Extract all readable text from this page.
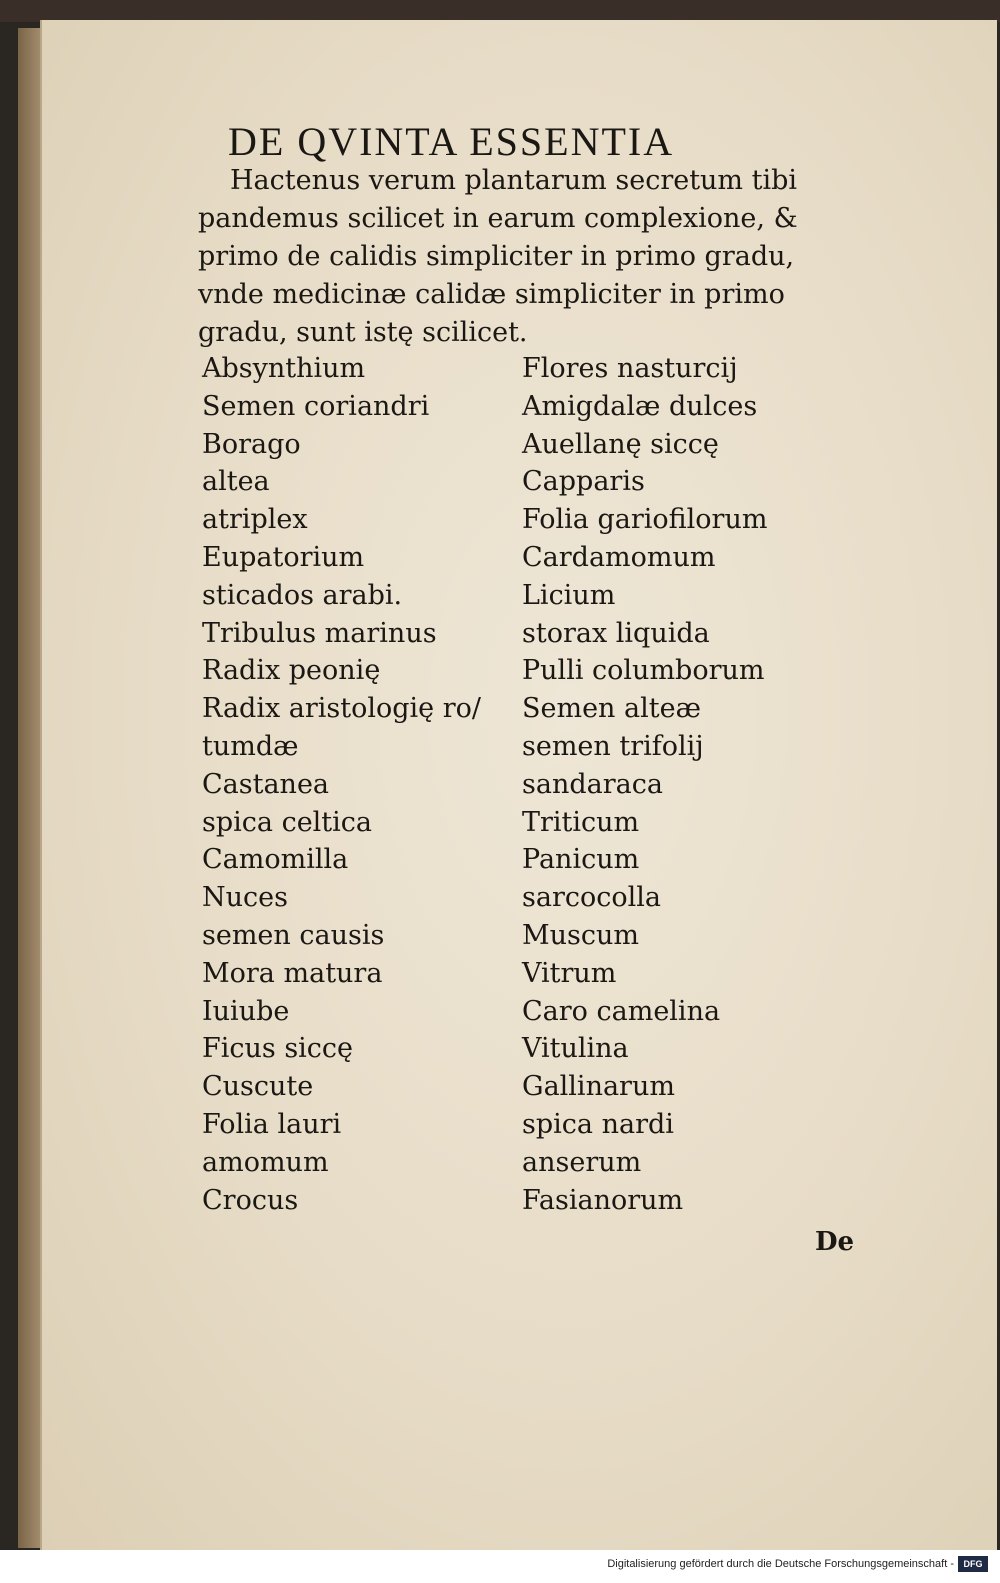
DE QVINTA ESSENTIA

Hactenus verum plantarum secretum tibi

pandemus scilicet in earum complexione, &

primo de calidis simpliciter in primo gradu,

vnde medicinæ calidæ simpliciter in primo

gradu, sunt istę scilicet.

Absynthium
Semen coriandri
Borago
altea
atriplex
Eupatorium
sticados arabi.
Tribulus marinus
Radix peonię
Radix aristologię ro/
tumdæ
Castanea
spica celtica
Camomilla
Nuces
semen causis
Mora matura
Iuiube
Ficus siccę
Cuscute
Folia lauri
amomum
Crocus
Flores nasturcij
Amigdalæ dulces
Auellanę siccę
Capparis
Folia gariofilorum
Cardamomum
Licium
storax liquida
Pulli columborum
Semen alteæ
semen trifolij
sandaraca
Triticum
Panicum
sarcocolla
Muscum
Vitrum
Caro camelina
Vitulina
Gallinarum
spica nardi
anserum
Fasianorum
De
Digitalisierung gefördert durch die Deutsche Forschungsgemeinschaft -	DFG
